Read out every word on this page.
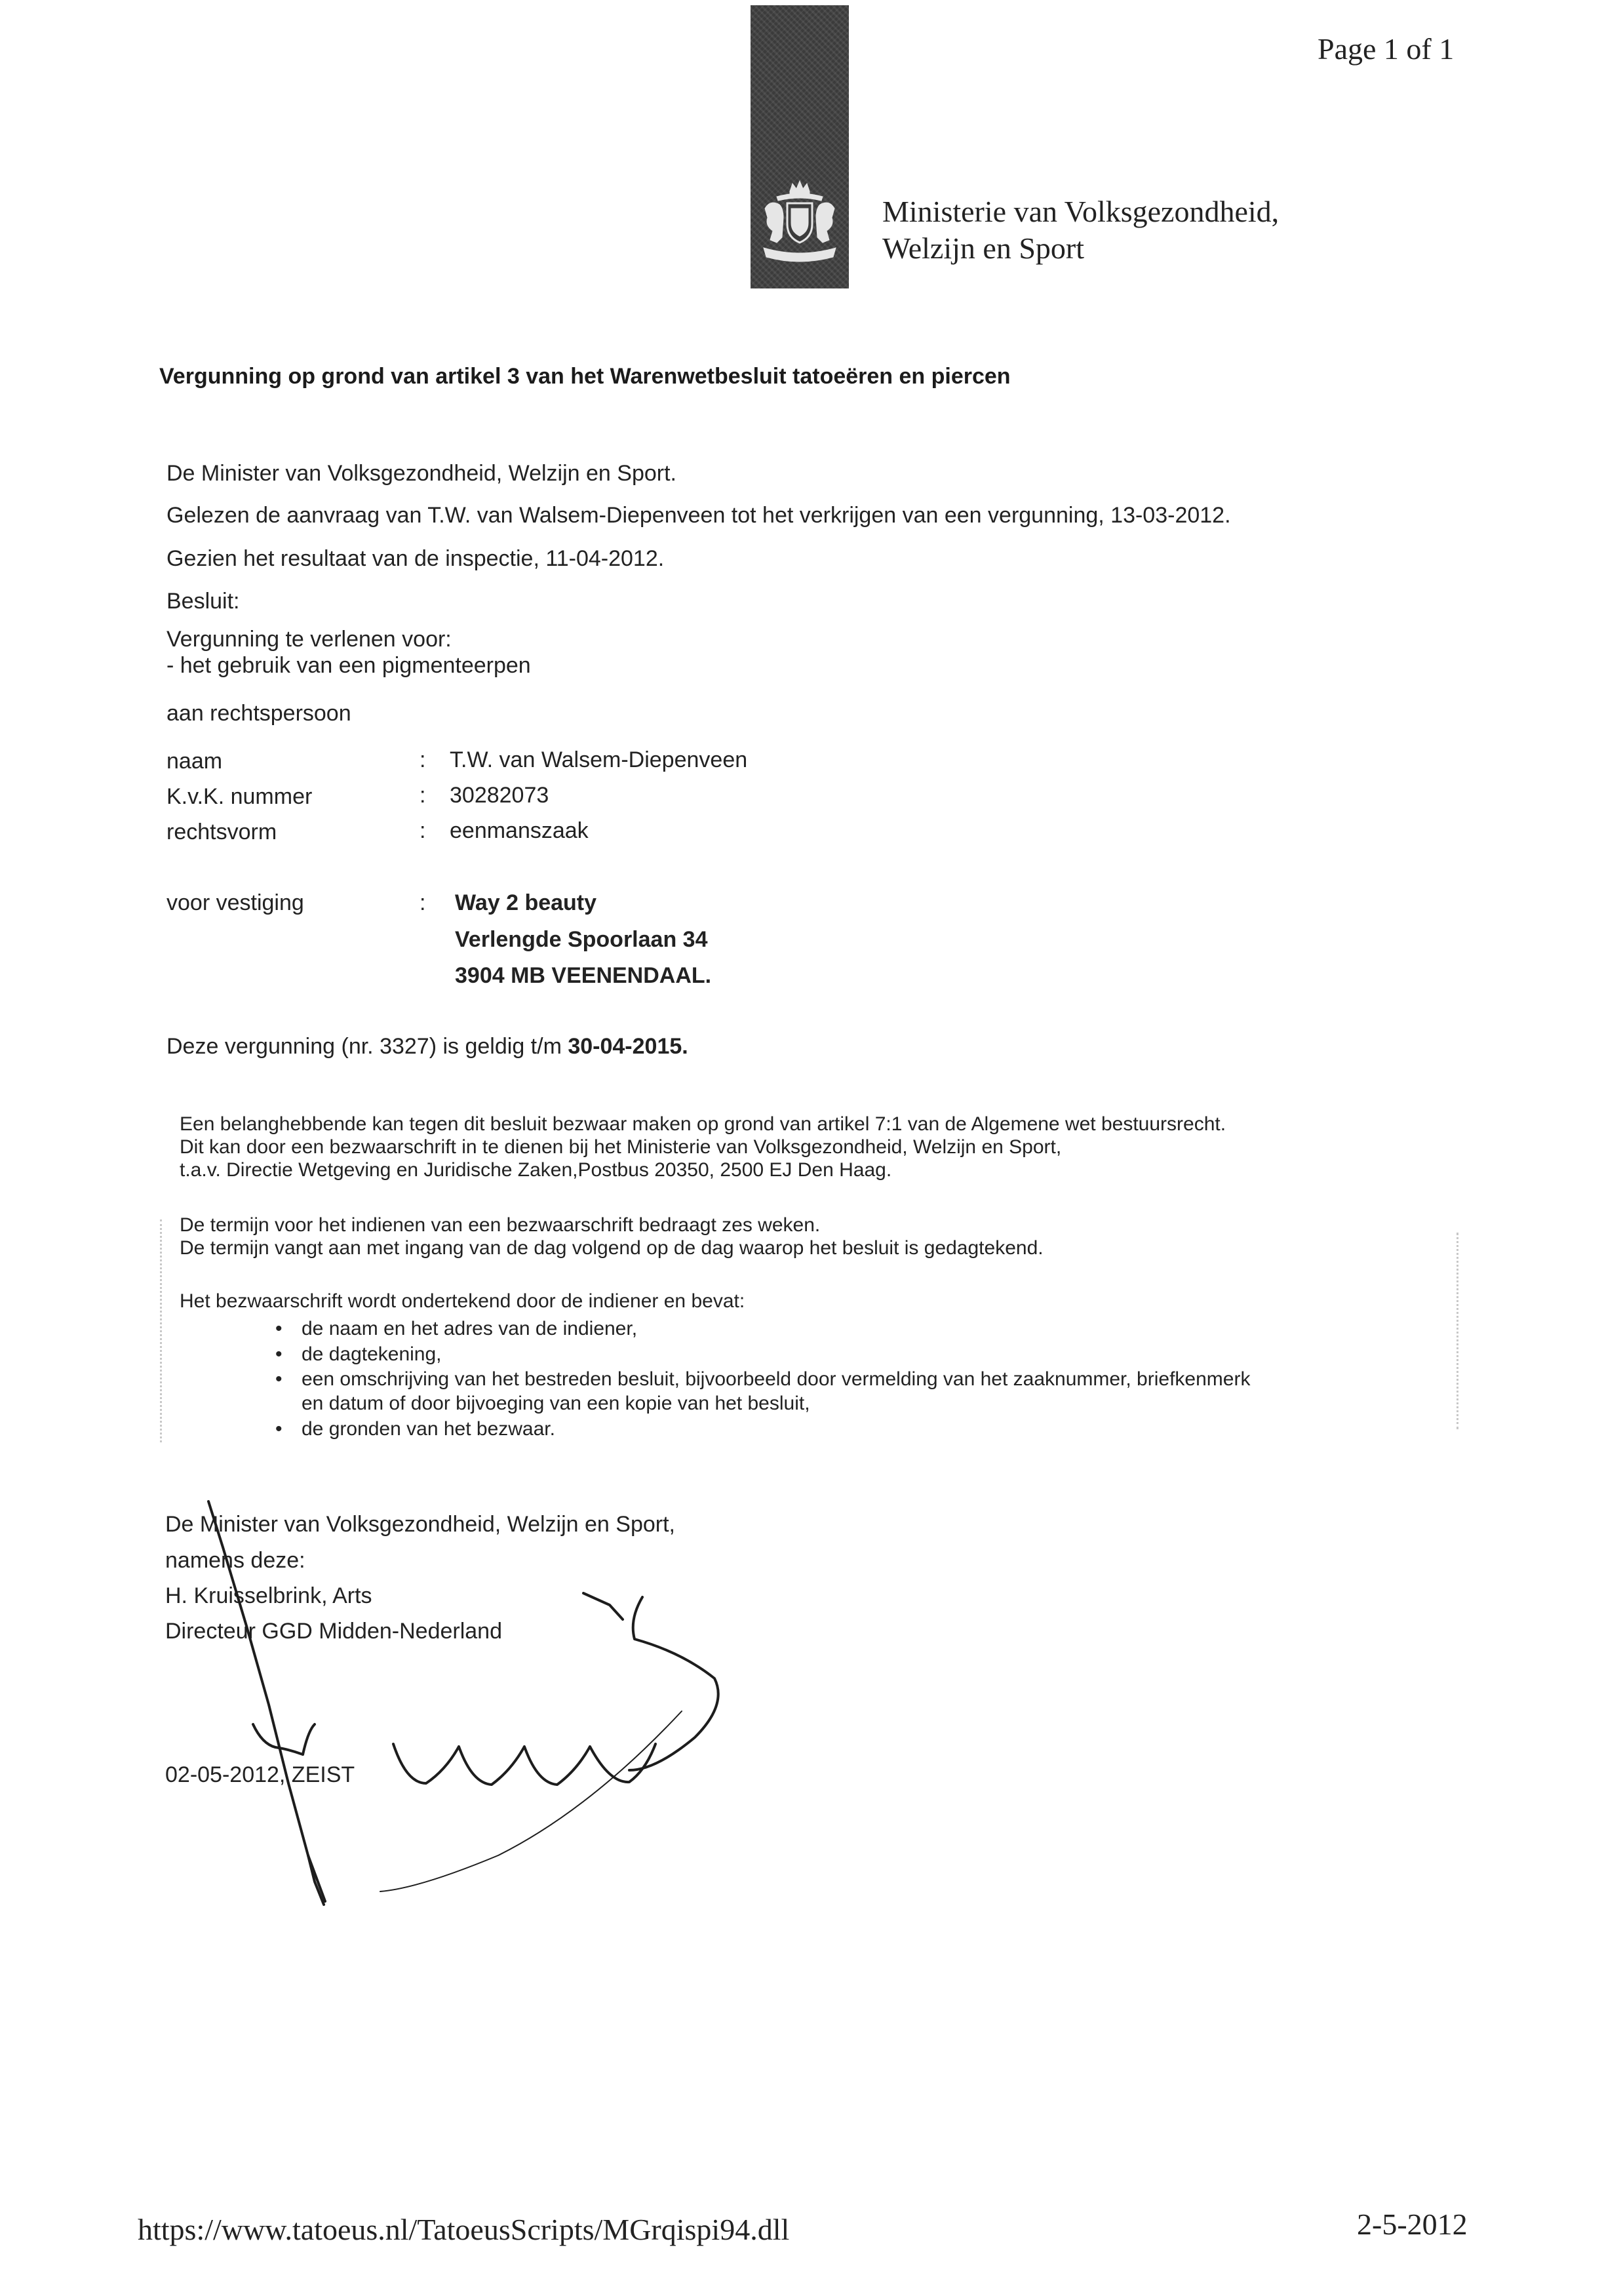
Page 1 of 1
Ministerie van Volksgezondheid,
Welzijn en Sport
Vergunning op grond van artikel 3 van het Warenwetbesluit tatoeëren en piercen
De Minister van Volksgezondheid, Welzijn en Sport.
Gelezen de aanvraag van T.W. van Walsem-Diepenveen tot het verkrijgen van een vergunning, 13-03-2012.
Gezien het resultaat van de inspectie, 11-04-2012.
Besluit:
Vergunning te verlenen voor:
- het gebruik van een pigmenteerpen
aan rechtspersoon
naam	: T.W. van Walsem-Diepenveen
K.v.K. nummer	: 30282073
rechtsvorm	: eenmanszaak
voor vestiging	: Way 2 beauty
Verlengde Spoorlaan 34
3904 MB VEENENDAAL.
Deze vergunning (nr. 3327) is geldig t/m 30-04-2015.
Een belanghebbende kan tegen dit besluit bezwaar maken op grond van artikel 7:1 van de Algemene wet bestuursrecht.
Dit kan door een bezwaarschrift in te dienen bij het Ministerie van Volksgezondheid, Welzijn en Sport,
t.a.v. Directie Wetgeving en Juridische Zaken,Postbus 20350, 2500 EJ Den Haag.
De termijn voor het indienen van een bezwaarschrift bedraagt zes weken.
De termijn vangt aan met ingang van de dag volgend op de dag waarop het besluit is gedagtekend.
Het bezwaarschrift wordt ondertekend door de indiener en bevat:
• de naam en het adres van de indiener,
• de dagtekening,
• een omschrijving van het bestreden besluit, bijvoorbeeld door vermelding van het zaaknummer, briefkenmerk
en datum of door bijvoeging van een kopie van het besluit,
• de gronden van het bezwaar.
De Minister van Volksgezondheid, Welzijn en Sport,
namens deze:
H. Kruisselbrink, Arts
Directeur GGD Midden-Nederland
02-05-2012, ZEIST
https://www.tatoeus.nl/TatoeusScripts/MGrqispi94.dll	2-5-2012
